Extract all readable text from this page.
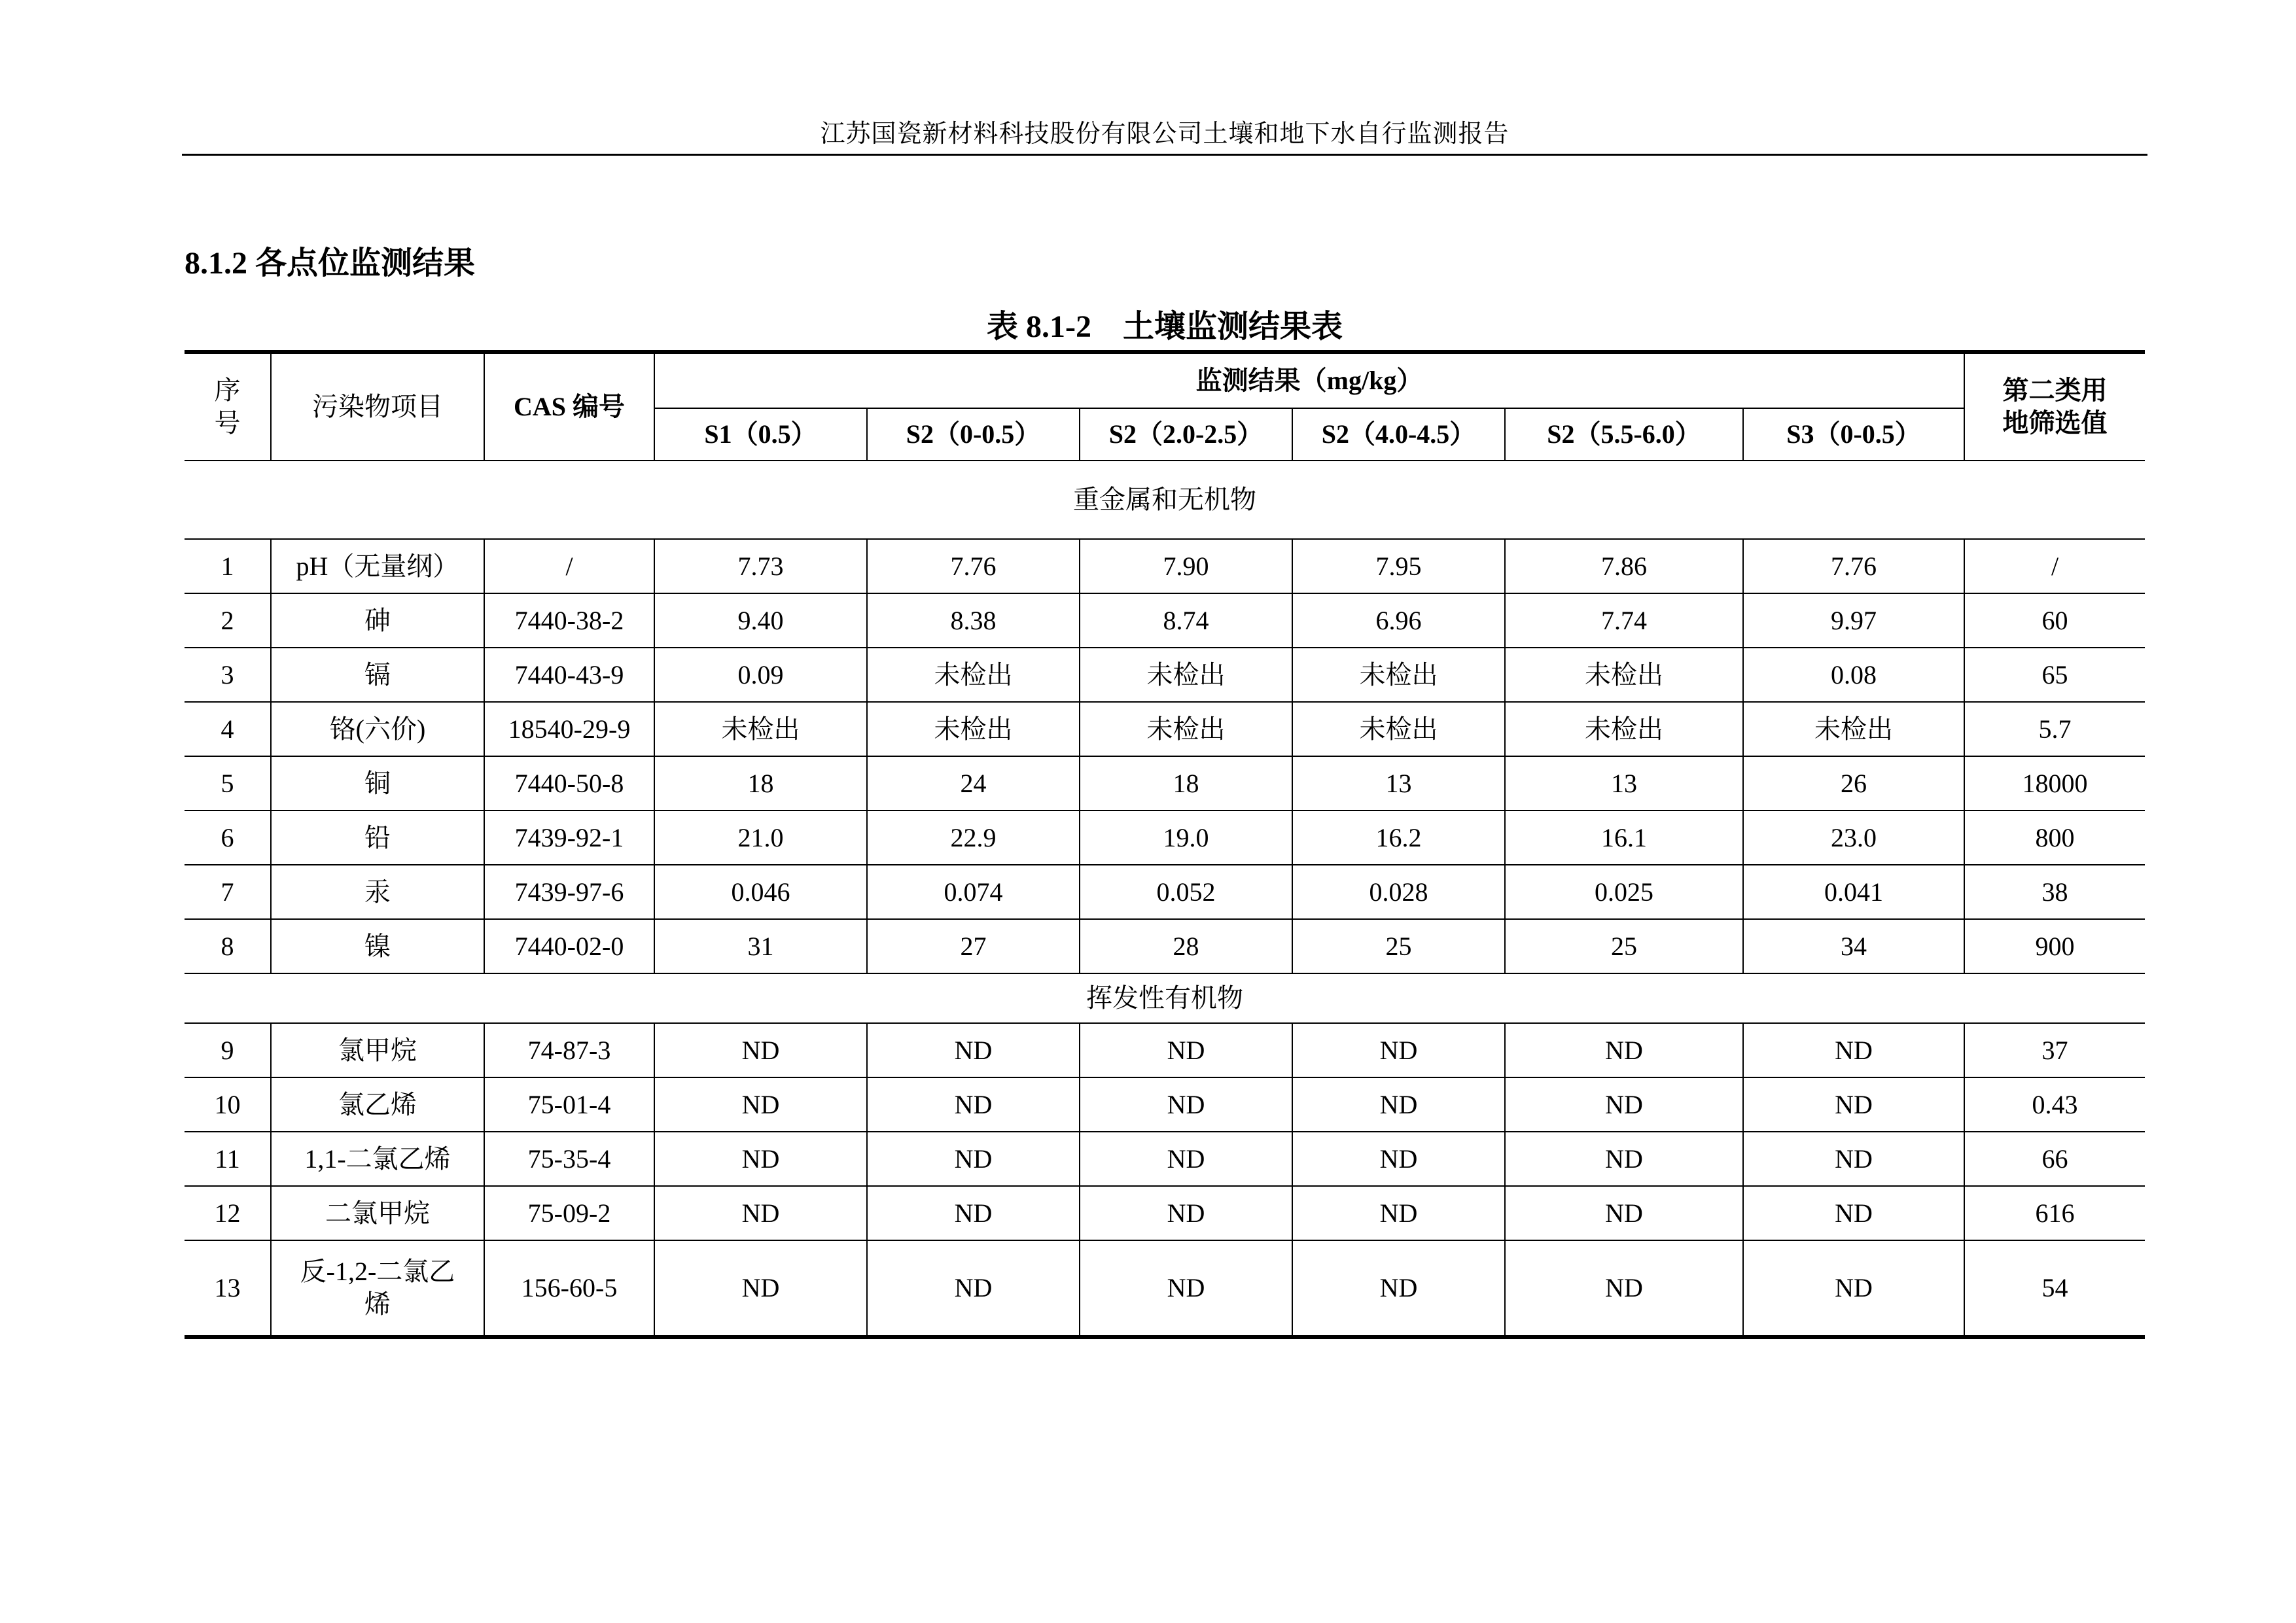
江苏国瓷新材料科技股份有限公司土壤和地下水自行监测报告
8.1.2 各点位监测结果
表 8.1-2    土壤监测结果表
序号	污染物项目	CAS 编号	监测结果（mg/kg）						第二类用地筛选值

			S1（0.5）	S2（0-0.5）	S2（2.0-2.5）	S2（4.0-4.5）	S2（5.5-6.0）	S3（0-0.5）	
重金属和无机物									
1	pH（无量纲）	/	7.73	7.76	7.90	7.95	7.86	7.76	/
2	砷	7440-38-2	9.40	8.38	8.74	6.96	7.74	9.97	60
3	镉	7440-43-9	0.09	未检出	未检出	未检出	未检出	0.08	65
4	铬(六价)	18540-29-9	未检出	未检出	未检出	未检出	未检出	未检出	5.7
5	铜	7440-50-8	18	24	18	13	13	26	18000
6	铅	7439-92-1	21.0	22.9	19.0	16.2	16.1	23.0	800
7	汞	7439-97-6	0.046	0.074	0.052	0.028	0.025	0.041	38
8	镍	7440-02-0	31	27	28	25	25	34	900
挥发性有机物									
9	氯甲烷	74-87-3	ND	ND	ND	ND	ND	ND	37
10	氯乙烯	75-01-4	ND	ND	ND	ND	ND	ND	0.43
11	1,1-二氯乙烯	75-35-4	ND	ND	ND	ND	ND	ND	66
12	二氯甲烷	75-09-2	ND	ND	ND	ND	ND	ND	616
13	反-1,2-二氯乙烯	156-60-5	ND	ND	ND	ND	ND	ND	54
